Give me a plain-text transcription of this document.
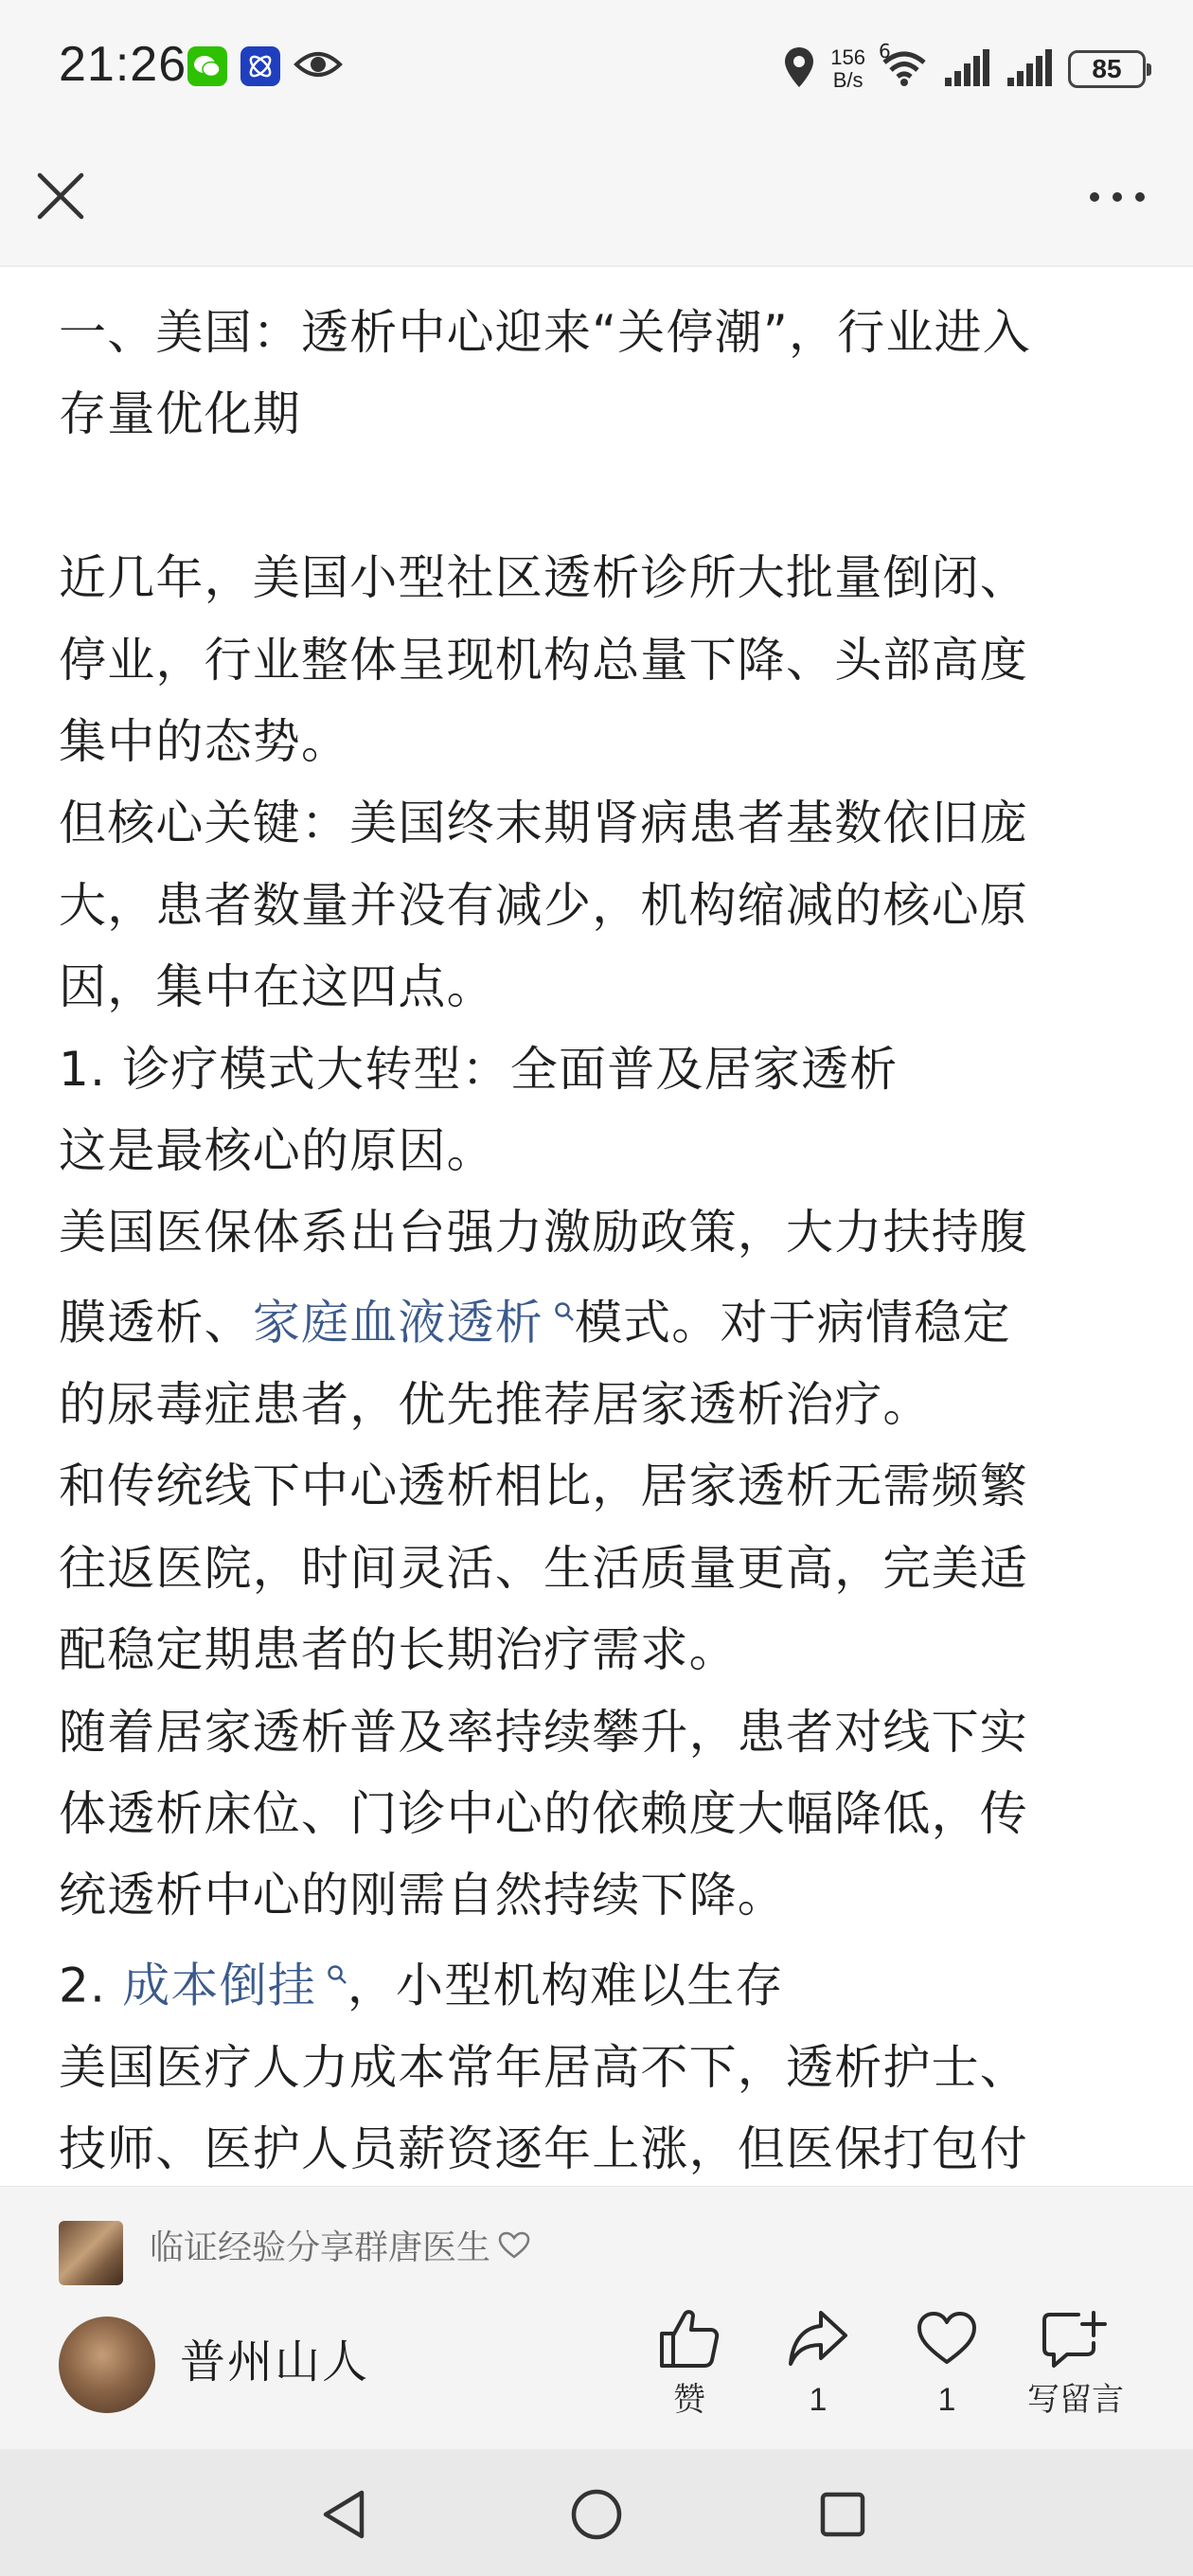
21:26	156
B/s
6
85
一、美国：透析中心迎来“关停潮”，行业进入
存量优化期
近几年，美国小型社区透析诊所大批量倒闭、
停业，行业整体呈现机构总量下降、头部高度
集中的态势。
但核心关键：美国终末期肾病患者基数依旧庞
大，患者数量并没有减少，机构缩减的核心原
因，集中在这四点。
1. 诊疗模式大转型：全面普及居家透析
这是最核心的原因。
美国医保体系出台强力激励政策，大力扶持腹
膜透析、家庭血液透析 模式。对于病情稳定
的尿毒症患者，优先推荐居家透析治疗。
和传统线下中心透析相比，居家透析无需频繁
往返医院，时间灵活、生活质量更高，完美适
配稳定期患者的长期治疗需求。
随着居家透析普及率持续攀升，患者对线下实
体透析床位、门诊中心的依赖度大幅降低，传
统透析中心的刚需自然持续下降。
2. 成本倒挂 ，小型机构难以生存
美国医疗人力成本常年居高不下，透析护士、
技师、医护人员薪资逐年上涨，但医保打包付
临证经验分享群唐医生
普州山人
赞	1	1	写留言
